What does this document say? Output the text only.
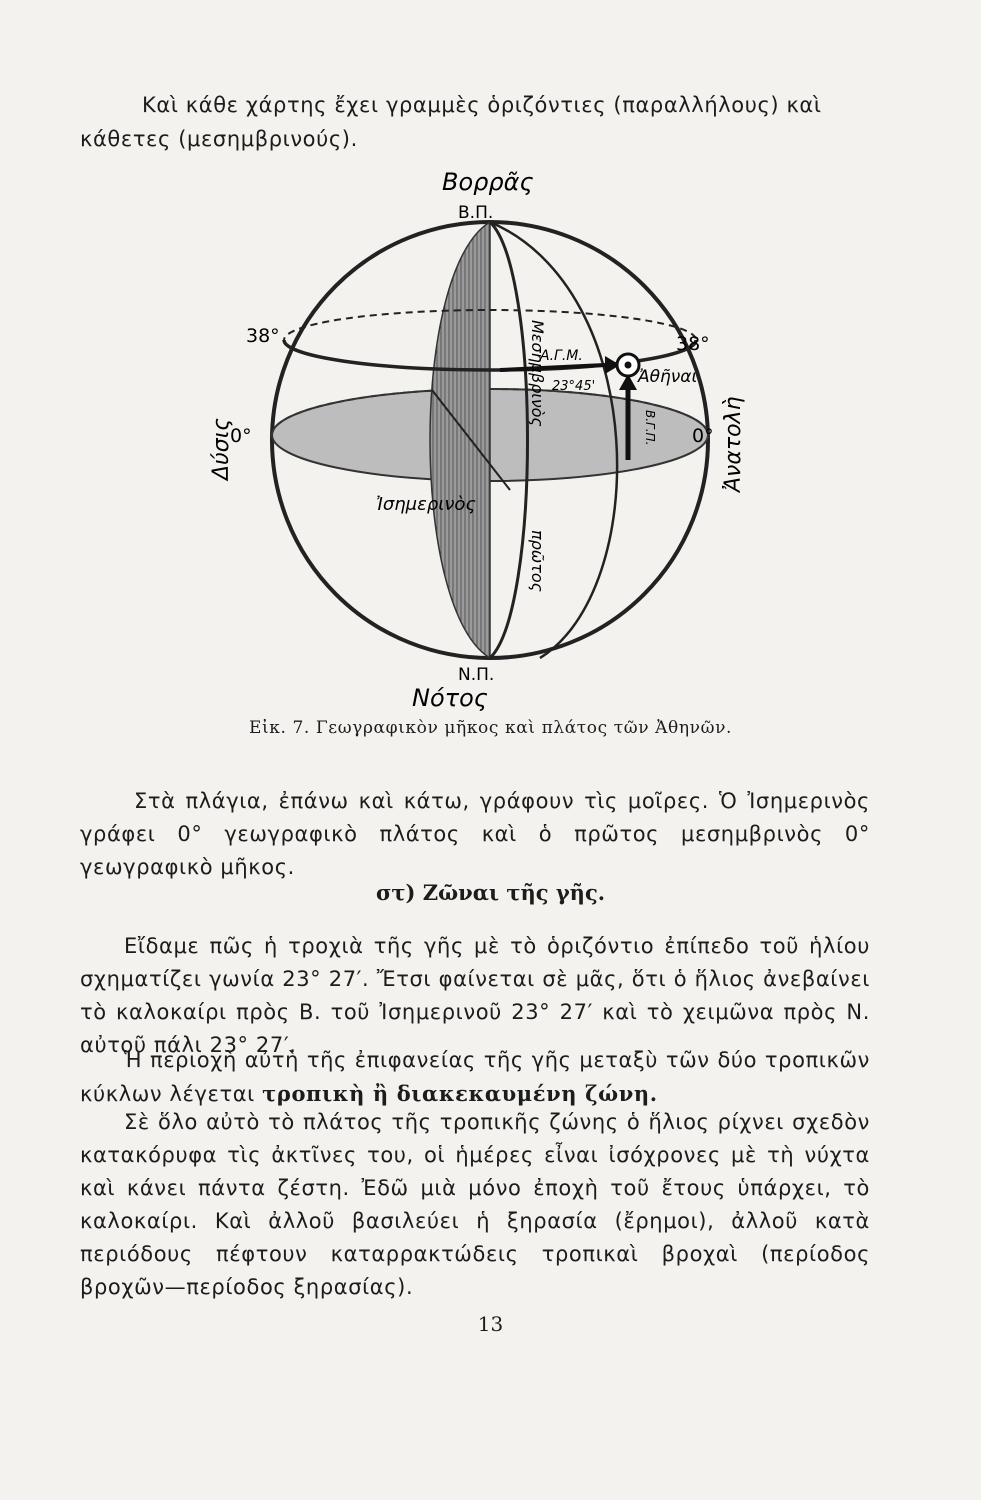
Καὶ κάθε χάρτης ἔχει γραμμὲς ὁριζόντιες (παραλλήλους) καὶ κάθετες (μεσημβρινούς).

Βορρᾶς
Β.Π.
Ν.Π.
Νότος
38°	38°
0°	0°
Δύσις	Ἀνατολὴ
Α.Γ.Μ.
23°45'	Ἀθῆναι
Β.Γ.Π.
Ἰσημερινὸς
Μεσημβρινὸς
πρῶτος
Εἰκ. 7. Γεωγραφικὸν μῆκος καὶ πλάτος τῶν Ἀθηνῶν.

Στὰ πλάγια, ἐπάνω καὶ κάτω, γράφουν τὶς μοῖρες. Ὁ Ἰσημερινὸς γράφει 0° γεωγραφικὸ πλάτος καὶ ὁ πρῶτος μεσημβρινὸς 0° γεωγραφικὸ μῆκος.

στ) Ζῶναι τῆς γῆς.

Εἴδαμε πῶς ἡ τροχιὰ τῆς γῆς μὲ τὸ ὁριζόντιο ἐπίπεδο τοῦ ἡλίου σχηματίζει γωνία 23° 27′. Ἔτσι φαίνεται σὲ μᾶς, ὅτι ὁ ἥλιος ἀνεβαίνει τὸ καλοκαίρι πρὸς Β. τοῦ Ἰσημερινοῦ 23° 27′ καὶ τὸ χειμῶνα πρὸς Ν. αὐτοῦ πάλι 23° 27′.

Ἡ περιοχὴ αὐτὴ τῆς ἐπιφανείας τῆς γῆς μεταξὺ τῶν δύο τροπικῶν κύκλων λέγεται τροπικὴ ἢ διακεκαυμένη ζώνη.

Σὲ ὅλο αὐτὸ τὸ πλάτος τῆς τροπικῆς ζώνης ὁ ἥλιος ρίχνει σχεδὸν κατακόρυφα τὶς ἀκτῖνες του, οἱ ἡμέρες εἶναι ἰσόχρονες μὲ τὴ νύχτα καὶ κάνει πάντα ζέστη. Ἐδῶ μιὰ μόνο ἐποχὴ τοῦ ἔτους ὑπάρχει, τὸ καλοκαίρι. Καὶ ἀλλοῦ βασιλεύει ἡ ξηρασία (ἔρημοι), ἀλλοῦ κατὰ περιόδους πέφτουν καταρρακτώδεις τροπικαὶ βροχαὶ (περίοδος βροχῶν—περίοδος ξηρασίας).

13
